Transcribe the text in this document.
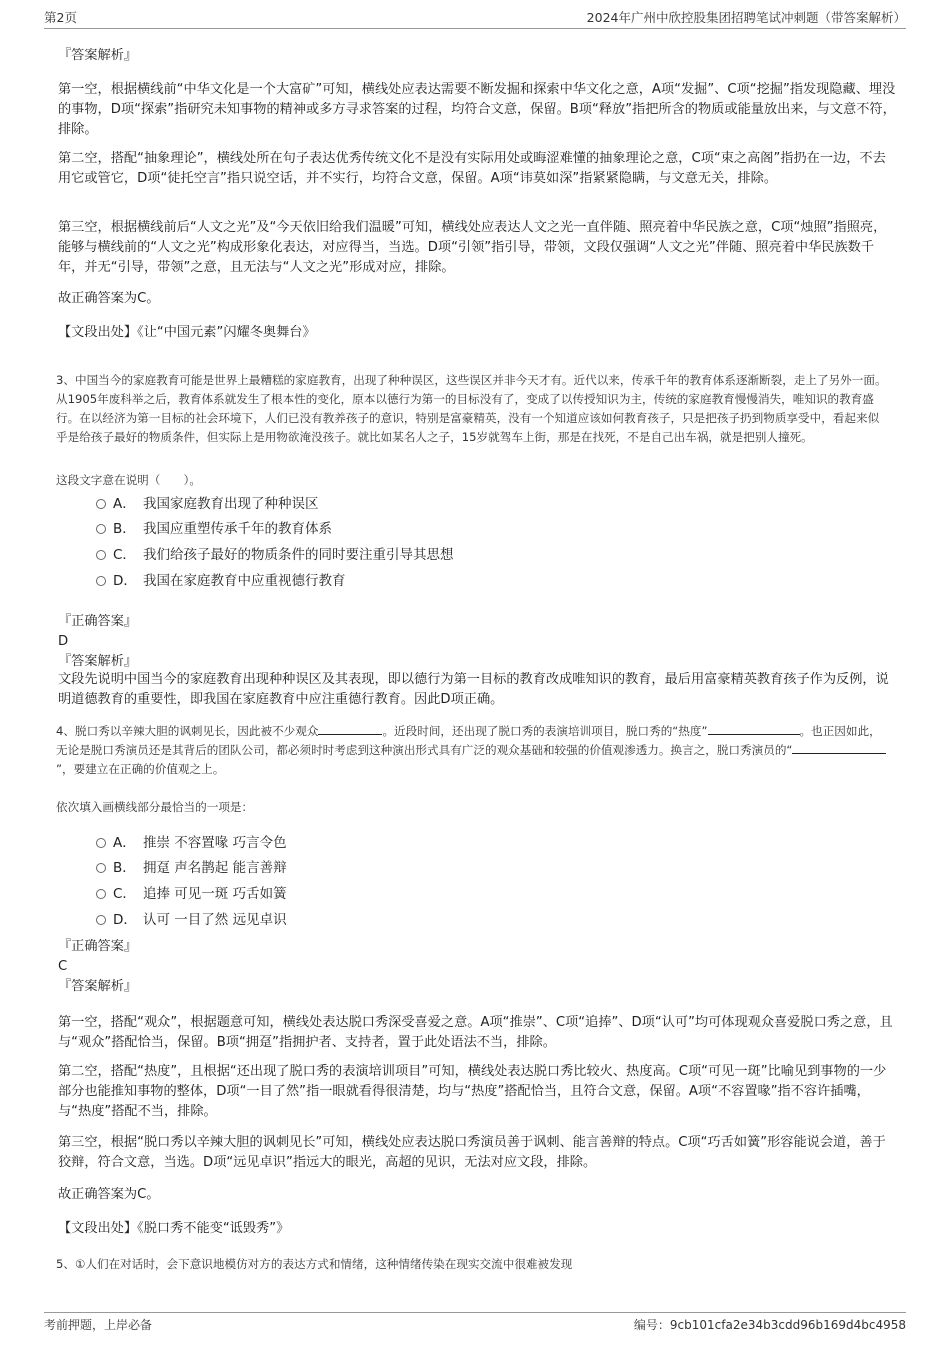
第2页	2024年广州中欣控股集团招聘笔试冲刺题（带答案解析）
『答案解析』

第一空，根据横线前“中华文化是一个大富矿”可知，横线处应表达需要不断发掘和探索中华文化之意，A项“发掘”、C项“挖掘”指发现隐藏、埋没的事物，D项“探索”指研究未知事物的精神或多方寻求答案的过程，均符合文意，保留。B项“释放”指把所含的物质或能量放出来，与文意不符，排除。

第二空，搭配“抽象理论”，横线处所在句子表达优秀传统文化不是没有实际用处或晦涩难懂的抽象理论之意，C项“束之高阁”指扔在一边，不去用它或管它，D项“徒托空言”指只说空话，并不实行，均符合文意，保留。A项“讳莫如深”指紧紧隐瞒，与文意无关，排除。

第三空，根据横线前后“人文之光”及“今天依旧给我们温暖”可知，横线处应表达人文之光一直伴随、照亮着中华民族之意，C项“烛照”指照亮，能够与横线前的“人文之光”构成形象化表达，对应得当，当选。D项“引领”指引导，带领，文段仅强调“人文之光”伴随、照亮着中华民族数千年，并无“引导，带领”之意，且无法与“人文之光”形成对应，排除。

故正确答案为C。

【文段出处】《让“中国元素”闪耀冬奥舞台》

3、中国当今的家庭教育可能是世界上最糟糕的家庭教育，出现了种种误区，这些误区并非今天才有。近代以来，传承千年的教育体系逐渐断裂，走上了另外一面。从1905年废科举之后，教育体系就发生了根本性的变化，原本以德行为第一的目标没有了，变成了以传授知识为主，传统的家庭教育慢慢消失，唯知识的教育盛行。在以经济为第一目标的社会环境下，人们已没有教养孩子的意识，特别是富豪精英，没有一个知道应该如何教育孩子，只是把孩子扔到物质享受中，看起来似乎是给孩子最好的物质条件，但实际上是用物欲淹没孩子。就比如某名人之子，15岁就驾车上街，那是在找死，不是自己出车祸，就是把别人撞死。

这段文字意在说明（　　）。

A． 我国家庭教育出现了种种误区
B． 我国应重塑传承千年的教育体系
C． 我们给孩子最好的物质条件的同时要注重引导其思想
D． 我国在家庭教育中应重视德行教育
『正确答案』
D
『答案解析』

文段先说明中国当今的家庭教育出现种种误区及其表现，即以德行为第一目标的教育改成唯知识的教育，最后用富豪精英教育孩子作为反例，说明道德教育的重要性，即我国在家庭教育中应注重德行教育。因此D项正确。

4、脱口秀以辛辣大胆的讽刺见长，因此被不少观众	。近段时间，还出现了脱口秀的表演培训项目，脱口秀的“热度”	。也正因如此，无论是脱口秀演员还是其背后的团队公司，都必须时时考虑到这种演出形式具有广泛的观众基础和较强的价值观渗透力。换言之，脱口秀演员的“”，要建立在正确的价值观之上。

依次填入画横线部分最恰当的一项是：

A． 推崇 不容置喙 巧言令色
B． 拥趸 声名鹊起 能言善辩
C． 追捧 可见一斑 巧舌如簧
D． 认可 一目了然 远见卓识
『正确答案』
C
『答案解析』

第一空，搭配“观众”，根据题意可知，横线处表达脱口秀深受喜爱之意。A项“推崇”、C项“追捧”、D项“认可”均可体现观众喜爱脱口秀之意，且与“观众”搭配恰当，保留。B项“拥趸”指拥护者、支持者，置于此处语法不当，排除。

第二空，搭配“热度”，且根据“还出现了脱口秀的表演培训项目”可知，横线处表达脱口秀比较火、热度高。C项“可见一斑”比喻见到事物的一少部分也能推知事物的整体，D项“一目了然”指一眼就看得很清楚，均与“热度”搭配恰当，且符合文意，保留。A项“不容置喙”指不容许插嘴，与“热度”搭配不当，排除。

第三空，根据“脱口秀以辛辣大胆的讽刺见长”可知，横线处应表达脱口秀演员善于讽刺、能言善辩的特点。C项“巧舌如簧”形容能说会道，善于狡辩，符合文意，当选。D项“远见卓识”指远大的眼光，高超的见识，无法对应文段，排除。

故正确答案为C。

【文段出处】《脱口秀不能变“诋毁秀”》

5、①人们在对话时，会下意识地模仿对方的表达方式和情绪，这种情绪传染在现实交流中很难被发现

考前押题，上岸必备	编号：9cb101cfa2e34b3cdd96b169d4bc4958
